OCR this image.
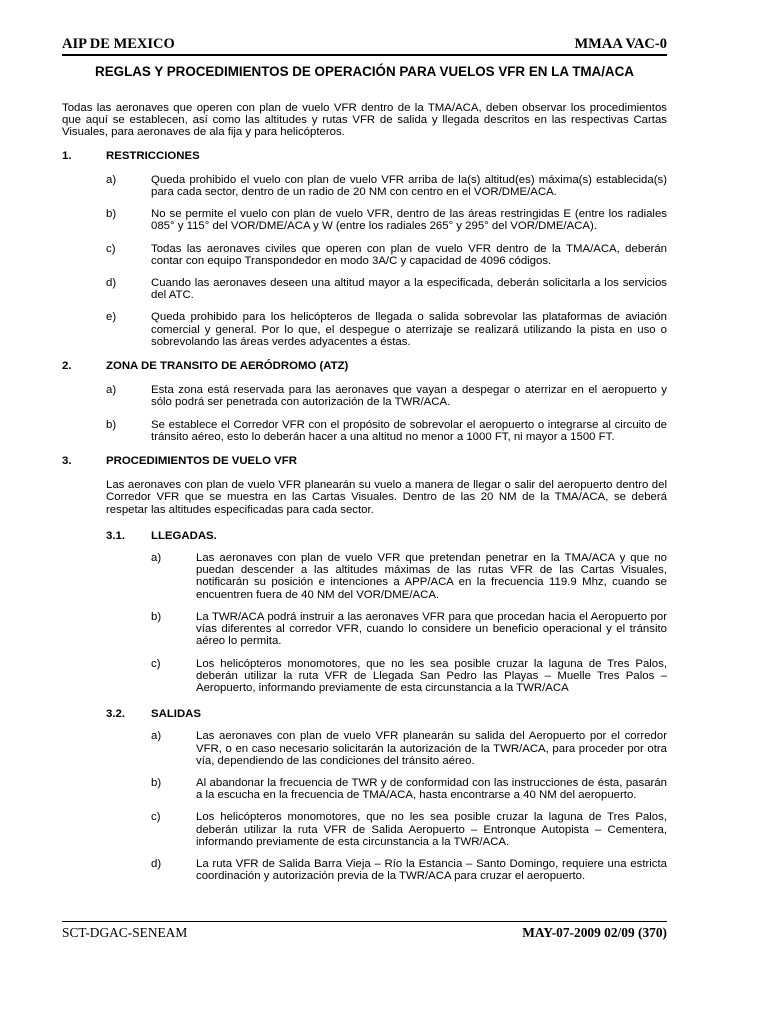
AIP DE MEXICO	MMAA VAC-0
REGLAS Y PROCEDIMIENTOS DE OPERACIÓN PARA VUELOS VFR EN LA TMA/ACA

Todas las aeronaves que operen con plan de vuelo VFR dentro de la TMA/ACA, deben observar los procedimientos que aquí se establecen, así como las altitudes y rutas VFR de salida y llegada descritos en las respectivas Cartas Visuales, para aeronaves de ala fija y para helicópteros.

1.	RESTRICCIONES
a)	Queda prohibido el vuelo con plan de vuelo VFR arriba de la(s) altitud(es) máxima(s) establecida(s) para cada sector, dentro de un radio de 20 NM con centro en el VOR/DME/ACA.
b)	No se permite el vuelo con plan de vuelo VFR, dentro de las áreas restringidas E (entre los radiales 085° y 115° del VOR/DME/ACA y W (entre los radiales 265° y 295° del VOR/DME/ACA).
c)	Todas las aeronaves civiles que operen con plan de vuelo VFR dentro de la TMA/ACA, deberán contar con equipo Transpondedor en modo 3A/C y capacidad de 4096 códigos.
d)	Cuando las aeronaves deseen una altitud mayor a la especificada, deberán solicitarla a los servicios del ATC.
e)	Queda prohibido para los helicópteros de llegada o salida sobrevolar las plataformas de aviación comercial y general. Por lo que, el despegue o aterrizaje se realizará utilizando la pista en uso o sobrevolando las áreas verdes adyacentes a éstas.
2.	ZONA DE TRANSITO DE AERÓDROMO (ATZ)
a)	Esta zona está reservada para las aeronaves que vayan a despegar o aterrizar en el aeropuerto y sólo podrá ser penetrada con autorización de la TWR/ACA.
b)	Se establece el Corredor VFR con el propósito de sobrevolar el aeropuerto o integrarse al circuito de tránsito aéreo, esto lo deberán hacer a una altitud no menor a 1000 FT, ni mayor a 1500 FT.
3.	PROCEDIMIENTOS DE VUELO VFR

Las aeronaves con plan de vuelo VFR planearán su vuelo a manera de llegar o salir del aeropuerto dentro del Corredor VFR que se muestra en las Cartas Visuales. Dentro de las 20 NM de la TMA/ACA, se deberá respetar las altitudes especificadas para cada sector.

3.1. LLEGADAS.
a)	Las aeronaves con plan de vuelo VFR que pretendan penetrar en la TMA/ACA y que no puedan descender a las altitudes máximas de las rutas VFR de las Cartas Visuales, notificarán su posición e intenciones a APP/ACA en la frecuencia 119.9 Mhz, cuando se encuentren fuera de 40 NM del VOR/DME/ACA.
b)	La TWR/ACA podrá instruir a las aeronaves VFR para que procedan hacia el Aeropuerto por vías diferentes al corredor VFR, cuando lo considere un beneficio operacional y el tránsito aéreo lo permita.
c)	Los helicópteros monomotores, que no les sea posible cruzar la laguna de Tres Palos, deberán utilizar la ruta VFR de Llegada San Pedro las Playas – Muelle Tres Palos – Aeropuerto, informando previamente de esta circunstancia a la TWR/ACA
3.2. SALIDAS
a)	Las aeronaves con plan de vuelo VFR planearán su salida del Aeropuerto por el corredor VFR, o en caso necesario solicitarán la autorización de la TWR/ACA, para proceder por otra vía, dependiendo de las condiciones del tránsito aéreo.
b)	Al abandonar la frecuencia de TWR y de conformidad con las instrucciones de ésta, pasarán a la escucha en la frecuencia de TMA/ACA, hasta encontrarse a 40 NM del aeropuerto.
c)	Los helicópteros monomotores, que no les sea posible cruzar la laguna de Tres Palos, deberán utilizar la ruta VFR de Salida Aeropuerto – Entronque Autopista – Cementera, informando previamente de esta circunstancia a la TWR/ACA.
d)	La ruta VFR de Salida Barra Vieja – Río la Estancia – Santo Domingo, requiere una estricta coordinación y autorización previa de la TWR/ACA para cruzar el aeropuerto.
SCT-DGAC-SENEAM	MAY-07-2009 02/09 (370)
